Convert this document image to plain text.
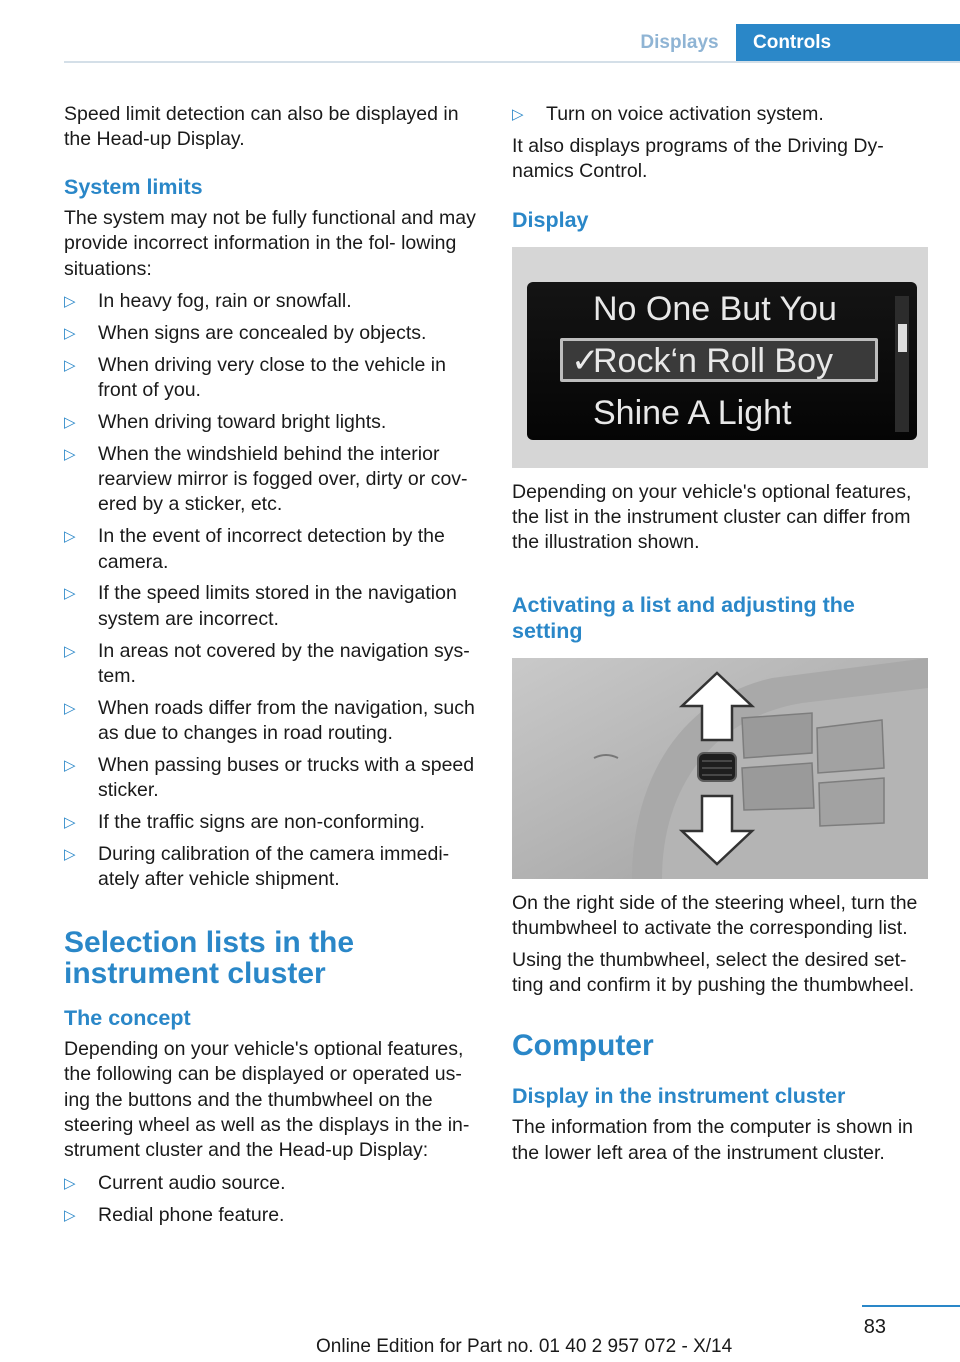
Displays	Controls

Speed limit detection can also be displayed in the Head-up Display.

System limits

The system may not be fully functional and may provide incorrect information in the fol‐ lowing situations:

▷ In heavy fog, rain or snowfall.
▷ When signs are concealed by objects.
▷ When driving very close to the vehicle in front of you.
▷ When driving toward bright lights.
▷ When the windshield behind the interior rearview mirror is fogged over, dirty or cov‐ ered by a sticker, etc.
▷ In the event of incorrect detection by the camera.
▷ If the speed limits stored in the navigation system are incorrect.
▷ In areas not covered by the navigation sys‐ tem.
▷ When roads differ from the navigation, such as due to changes in road routing.
▷ When passing buses or trucks with a speed sticker.
▷ If the traffic signs are non-conforming.
▷ During calibration of the camera immedi‐ ately after vehicle shipment.
Selection lists in the instrument cluster
The concept

Depending on your vehicle's optional features, the following can be displayed or operated us‐ ing the buttons and the thumbwheel on the steering wheel as well as the displays in the in‐ strument cluster and the Head-up Display:

▷ Current audio source.
▷ Redial phone feature.
▷ Turn on voice activation system.

It also displays programs of the Driving Dy‐ namics Control.

Display
No One But You
✓
Rock‘n Roll Boy
Shine A Light

Depending on your vehicle's optional features, the list in the instrument cluster can differ from the illustration shown.

Activating a list and adjusting the setting

On the right side of the steering wheel, turn the thumbwheel to activate the corresponding list.

Using the thumbwheel, select the desired set‐ ting and confirm it by pushing the thumbwheel.

Computer
Display in the instrument cluster

The information from the computer is shown in the lower left area of the instrument cluster.

83
Online Edition for Part no. 01 40 2 957 072 - X/14
